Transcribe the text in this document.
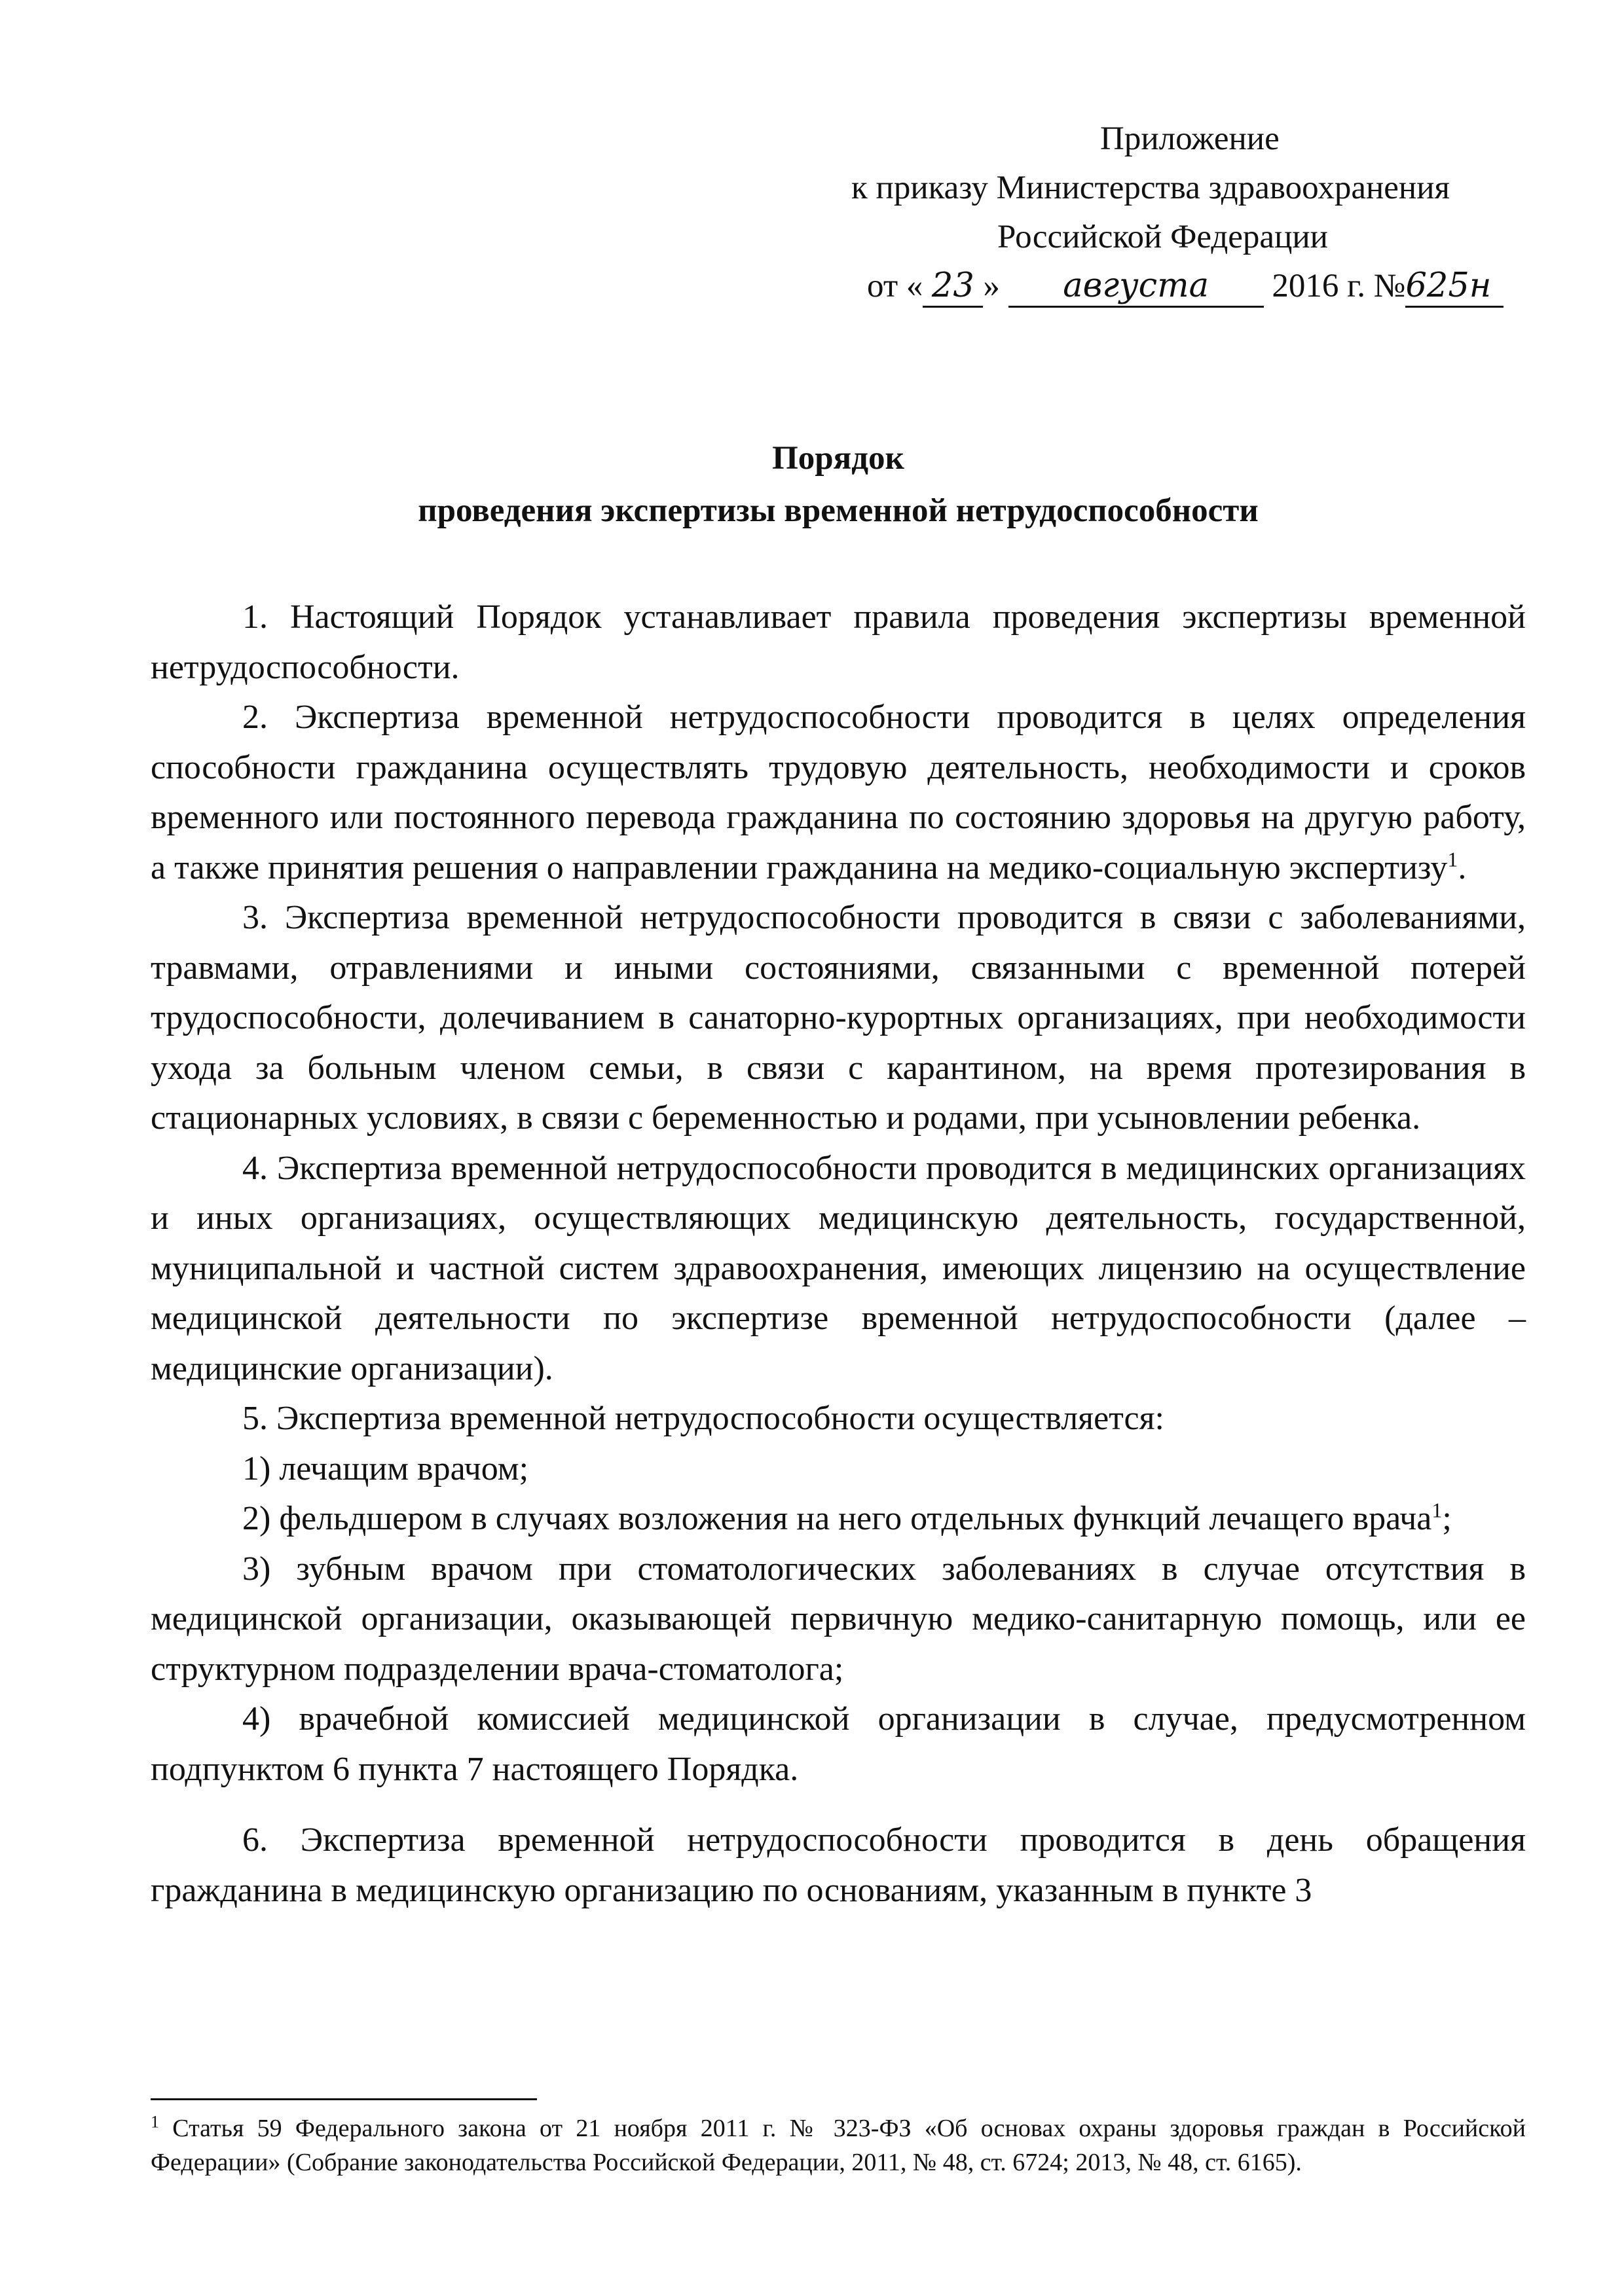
Приложение
к приказу Министерства здравоохранения
Российской Федерации
от « 23 » августа 2016 г. №625н
Порядок
проведения экспертизы временной нетрудоспособности

1. Настоящий Порядок устанавливает правила проведения экспертизы временной нетрудоспособности.

2. Экспертиза временной нетрудоспособности проводится в целях определения способности гражданина осуществлять трудовую деятельность, необходимости и сроков временного или постоянного перевода гражданина по состоянию здоровья на другую работу, а также принятия решения о направлении гражданина на медико-социальную экспертизу$^1$.

3. Экспертиза временной нетрудоспособности проводится в связи с заболеваниями, травмами, отравлениями и иными состояниями, связанными с временной потерей трудоспособности, долечиванием в санаторно-курортных организациях, при необходимости ухода за больным членом семьи, в связи с карантином, на время протезирования в стационарных условиях, в связи с беременностью и родами, при усыновлении ребенка.

4. Экспертиза временной нетрудоспособности проводится в медицинских организациях и иных организациях, осуществляющих медицинскую деятельность, государственной, муниципальной и частной систем здравоохранения, имеющих лицензию на осуществление медицинской деятельности по экспертизе временной нетрудоспособности (далее – медицинские организации).

5. Экспертиза временной нетрудоспособности осуществляется:

1) лечащим врачом;

2) фельдшером в случаях возложения на него отдельных функций лечащего врача$^1$;

3) зубным врачом при стоматологических заболеваниях в случае отсутствия в медицинской организации, оказывающей первичную медико-санитарную помощь, или ее структурном подразделении врача-стоматолога;

4) врачебной комиссией медицинской организации в случае, предусмотренном подпунктом 6 пункта 7 настоящего Порядка.

6. Экспертиза временной нетрудоспособности проводится в день обращения гражданина в медицинскую организацию по основаниям, указанным в пункте 3

$^1$ Статья 59 Федерального закона от 21 ноября 2011 г. № 323-ФЗ «Об основах охраны здоровья граждан в Российской Федерации» (Собрание законодательства Российской Федерации, 2011, № 48, ст. 6724; 2013, № 48, ст. 6165).
